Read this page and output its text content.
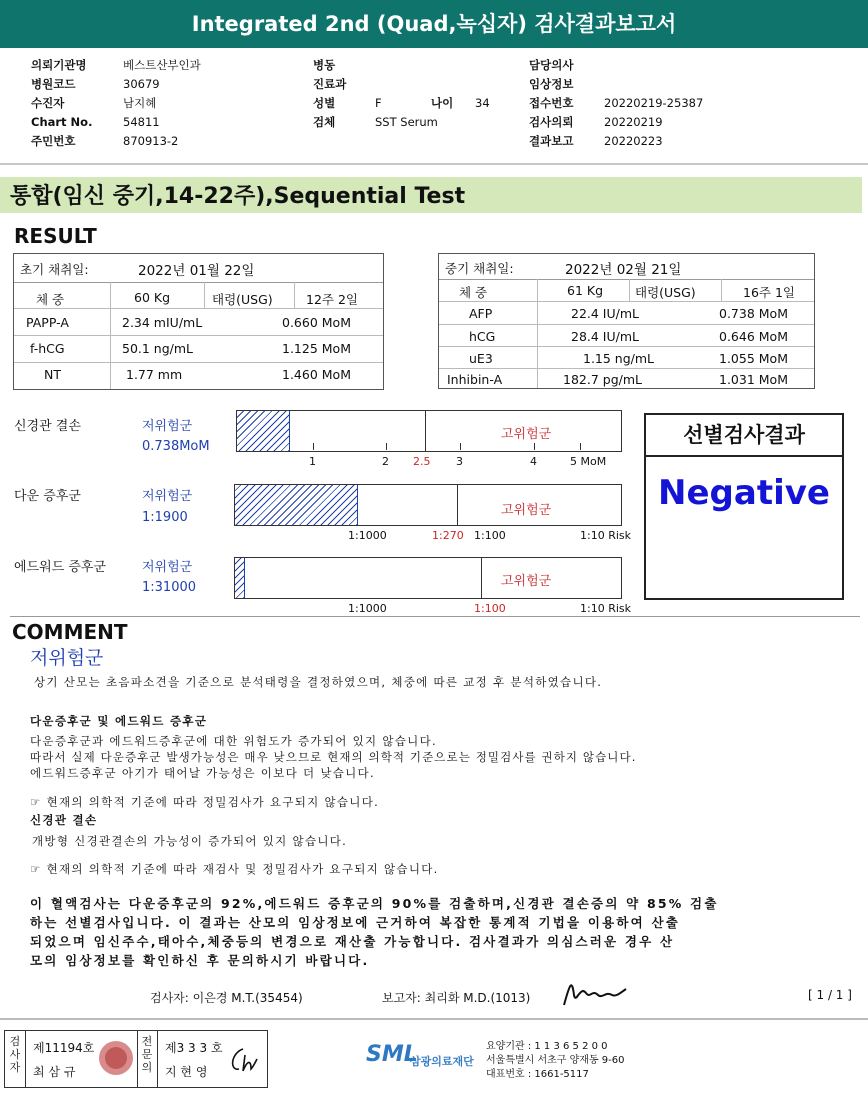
Integrated 2nd (Quad,녹십자) 검사결과보고서
의뢰기관명	베스트산부인과
병원코드	30679
수진자	남지혜
Chart No.	54811
주민번호	870913-2
병동
진료과
성별	F	나이 34
검체	SST Serum
담당의사
임상정보
접수번호	20220219-25387
검사의뢰	20220219
결과보고	20220223
통합(임신 중기,14-22주),Sequential Test
RESULT
초기 채취일:	2022년 01월 22일
체 중	60 Kg	태령(USG)	12주 2일
PAPP-A	2.34 mIU/mL	0.660 MoM
f-hCG	50.1 ng/mL	1.125 MoM
NT	1.77 mm	1.460 MoM
중기 채취일:	2022년 02월 21일
체 중	61 Kg	태령(USG)	16주 1일
AFP	22.4 IU/mL	0.738 MoM
hCG	28.4 IU/mL	0.646 MoM
uE3	1.15 ng/mL	1.055 MoM
Inhibin-A	182.7 pg/mL	1.031 MoM
신경관 결손	저위험군
0.738MoM
고위험군
1	2 2.5 3	4	5 MoM
다운 증후군	저위험군
1:1900	고위험군
1:1000	1:270 1:100	1:10 Risk
에드워드 증후군	저위험군
1:31000	고위험군
1:1000	1:100	1:10 Risk
선별검사결과
Negative
COMMENT
저위험군
상기 산모는 초음파소견을 기준으로 분석태령을 결정하였으며, 체중에 따른 교정 후 분석하였습니다.
다운증후군 및 에드워드 증후군
다운증후군과 에드워드증후군에 대한 위험도가 증가되어 있지 않습니다.
따라서 실제 다운증후군 발생가능성은 매우 낮으므로 현재의 의학적 기준으로는 정밀검사를 권하지 않습니다.
에드워드증후군 아기가 태어날 가능성은 이보다 더 낮습니다.
☞ 현재의 의학적 기준에 따라 정밀검사가 요구되지 않습니다.
신경관 결손
개방형 신경관결손의 가능성이 증가되어 있지 않습니다.
☞ 현재의 의학적 기준에 따라 재검사 및 정밀검사가 요구되지 않습니다.
이 혈액검사는 다운증후군의 92%,에드워드 증후군의 90%를 검출하며,신경관 결손증의 약 85% 검출
하는 선별검사입니다. 이 결과는 산모의 임상정보에 근거하여 복잡한 통계적 기법을 이용하여 산출
되었으며 임신주수,태아수,체중등의 변경으로 재산출 가능합니다. 검사결과가 의심스러운 경우 산
모의 임상정보를 확인하신 후 문의하시기 바랍니다.
검사자: 이은경 M.T.(35454)	보고자: 최리화 M.D.(1013)	[ 1 / 1 ]
검사자
제11194호
최 삼 규
전문의
제3 3 3 호
지 현 영
SML
삼광의료재단
요양기관 : 1 1 3 6 5 2 0 0
서울특별시 서초구 양재동 9-60
대표번호 : 1661-5117
